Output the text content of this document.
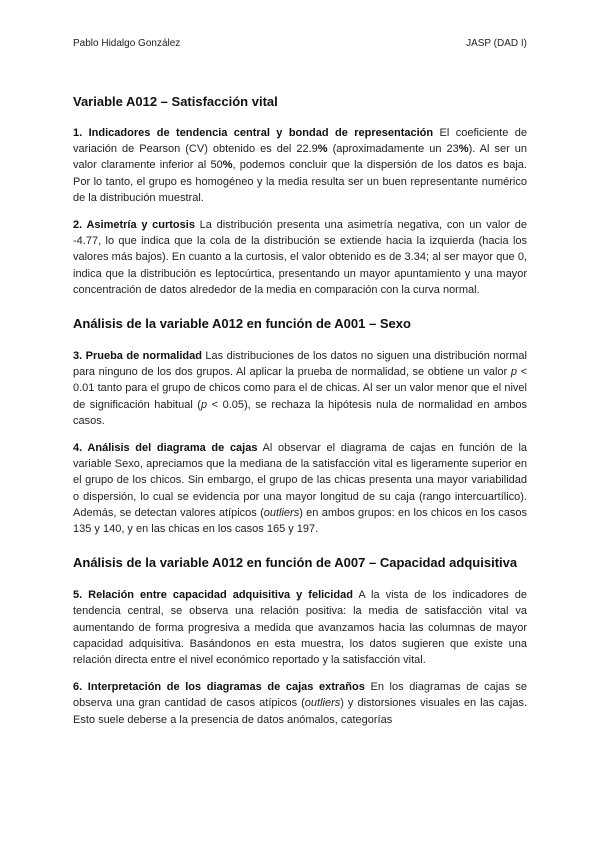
Pablo Hidalgo González	JASP (DAD I)
Variable A012 – Satisfacción vital

1. Indicadores de tendencia central y bondad de representación El coeficiente de variación de Pearson (CV) obtenido es del 22.9% (aproximadamente un 23%). Al ser un valor claramente inferior al 50%, podemos concluir que la dispersión de los datos es baja. Por lo tanto, el grupo es homogéneo y la media resulta ser un buen representante numérico de la distribución muestral.

2. Asimetría y curtosis La distribución presenta una asimetría negativa, con un valor de -4.77, lo que indica que la cola de la distribución se extiende hacia la izquierda (hacia los valores más bajos). En cuanto a la curtosis, el valor obtenido es de 3.34; al ser mayor que 0, indica que la distribución es leptocúrtica, presentando un mayor apuntamiento y una mayor concentración de datos alrededor de la media en comparación con la curva normal.

Análisis de la variable A012 en función de A001 – Sexo

3. Prueba de normalidad Las distribuciones de los datos no siguen una distribución normal para ninguno de los dos grupos. Al aplicar la prueba de normalidad, se obtiene un valor p < 0.01 tanto para el grupo de chicos como para el de chicas. Al ser un valor menor que el nivel de significación habitual (p < 0.05), se rechaza la hipótesis nula de normalidad en ambos casos.

4. Análisis del diagrama de cajas Al observar el diagrama de cajas en función de la variable Sexo, apreciamos que la mediana de la satisfacción vital es ligeramente superior en el grupo de los chicos. Sin embargo, el grupo de las chicas presenta una mayor variabilidad o dispersión, lo cual se evidencia por una mayor longitud de su caja (rango intercuartílico). Además, se detectan valores atípicos (outliers) en ambos grupos: en los chicos en los casos 135 y 140, y en las chicas en los casos 165 y 197.

Análisis de la variable A012 en función de A007 – Capacidad adquisitiva

5. Relación entre capacidad adquisitiva y felicidad A la vista de los indicadores de tendencia central, se observa una relación positiva: la media de satisfacción vital va aumentando de forma progresiva a medida que avanzamos hacia las columnas de mayor capacidad adquisitiva. Basándonos en esta muestra, los datos sugieren que existe una relación directa entre el nivel económico reportado y la satisfacción vital.

6. Interpretación de los diagramas de cajas extraños En los diagramas de cajas se observa una gran cantidad de casos atípicos (outliers) y distorsiones visuales en las cajas. Esto suele deberse a la presencia de datos anómalos, categorías
